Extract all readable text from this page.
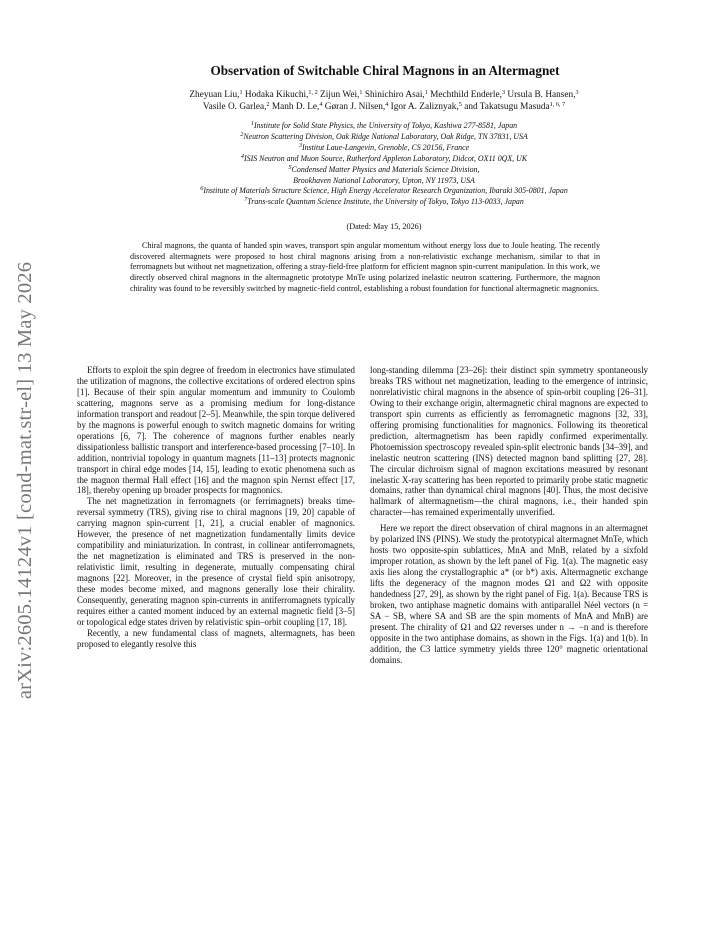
arXiv:2605.14124v1 [cond-mat.str-el] 13 May 2026
Observation of Switchable Chiral Magnons in an Altermagnet
Zheyuan Liu,$^1$ Hodaka Kikuchi,$^{1, 2}$ Zijun Wei,$^1$ Shinichiro Asai,$^1$ Mechthild Enderle,$^3$ Ursula B. Hansen,$^3$
Vasile O. Garlea,$^2$ Manh D. Le,$^4$ Gøran J. Nilsen,$^4$ Igor A. Zaliznyak,$^5$ and Takatsugu Masuda$^{1, 6, 7}$
$^1$Institute for Solid State Physics, the University of Tokyo, Kashiwa 277-8581, Japan
$^2$Neutron Scattering Division, Oak Ridge National Laboratory, Oak Ridge, TN 37831, USA
$^3$Institut Laue-Langevin, Grenoble, CS 20156, France
$^4$ISIS Neutron and Muon Source, Rutherford Appleton Laboratory, Didcot, OX11 0QX, UK
$^5$Condensed Matter Physics and Materials Science Division,
Brookhaven National Laboratory, Upton, NY 11973, USA
$^6$Institute of Materials Structure Science, High Energy Accelerator Research Organization, Ibaraki 305-0801, Japan
$^7$Trans-scale Quantum Science Institute, the University of Tokyo, Tokyo 113-0033, Japan
(Dated: May 15, 2026)
Chiral magnons, the quanta of handed spin waves, transport spin angular momentum without energy loss due to Joule heating. The recently discovered altermagnets were proposed to host chiral magnons arising from a non-relativistic exchange mechanism, similar to that in ferromagnets but without net magnetization, offering a stray-field-free platform for efficient magnon spin-current manipulation. In this work, we directly observed chiral magnons in the altermagnetic prototype MnTe using polarized inelastic neutron scattering. Furthermore, the magnon chirality was found to be reversibly switched by magnetic-field control, establishing a robust foundation for functional altermagnetic magnonics.

Efforts to exploit the spin degree of freedom in electronics have stimulated the utilization of magnons, the collective excitations of ordered electron spins [1]. Because of their spin angular momentum and immunity to Coulomb scattering, magnons serve as a promising medium for long-distance information transport and readout [2–5]. Meanwhile, the spin torque delivered by the magnons is powerful enough to switch magnetic domains for writing operations [6, 7]. The coherence of magnons further enables nearly dissipationless ballistic transport and interference-based processing [7–10]. In addition, nontrivial topology in quantum magnets [11–13] protects magnonic transport in chiral edge modes [14, 15], leading to exotic phenomena such as the magnon thermal Hall effect [16] and the magnon spin Nernst effect [17, 18], thereby opening up broader prospects for magnonics.

The net magnetization in ferromagnets (or ferrimagnets) breaks time-reversal symmetry (TRS), giving rise to chiral magnons [19, 20] capable of carrying magnon spin-current [1, 21], a crucial enabler of magnonics. However, the presence of net magnetization fundamentally limits device compatibility and miniaturization. In contrast, in collinear antiferromagnets, the net magnetization is eliminated and TRS is preserved in the non-relativistic limit, resulting in degenerate, mutually compensating chiral magnons [22]. Moreover, in the presence of crystal field spin anisotropy, these modes become mixed, and magnons generally lose their chirality. Consequently, generating magnon spin-currents in antiferromagnets typically requires either a canted moment induced by an external magnetic field [3–5] or topological edge states driven by relativistic spin–orbit coupling [17, 18].

Recently, a new fundamental class of magnets, altermagnets, has been proposed to elegantly resolve this

long-standing dilemma [23–26]: their distinct spin symmetry spontaneously breaks TRS without net magnetization, leading to the emergence of intrinsic, nonrelativistic chiral magnons in the absence of spin-orbit coupling [26–31]. Owing to their exchange origin, altermagnetic chiral magnons are expected to transport spin currents as efficiently as ferromagnetic magnons [32, 33], offering promising functionalities for magnonics. Following its theoretical prediction, altermagnetism has been rapidly confirmed experimentally. Photoemission spectroscopy revealed spin-split electronic bands [34–39], and inelastic neutron scattering (INS) detected magnon band splitting [27, 28]. The circular dichroism signal of magnon excitations measured by resonant inelastic X-ray scattering has been reported to primarily probe static magnetic domains, rather than dynamical chiral magnons [40]. Thus, the most decisive hallmark of altermagnetism—the chiral magnons, i.e., their handed spin character—has remained experimentally unverified.

Here we report the direct observation of chiral magnons in an altermagnet by polarized INS (PINS). We study the prototypical altermagnet MnTe, which hosts two opposite-spin sublattices, MnA and MnB, related by a sixfold improper rotation, as shown by the left panel of Fig. 1(a). The magnetic easy axis lies along the crystallographic a* (or b*) axis. Altermagnetic exchange lifts the degeneracy of the magnon modes Ω1 and Ω2 with opposite handedness [27, 29], as shown by the right panel of Fig. 1(a). Because TRS is broken, two antiphase magnetic domains with antiparallel Néel vectors (n = SA − SB, where SA and SB are the spin moments of MnA and MnB) are present. The chirality of Ω1 and Ω2 reverses under n → −n and is therefore opposite in the two antiphase domains, as shown in the Figs. 1(a) and 1(b). In addition, the C3 lattice symmetry yields three 120° magnetic orientational domains.
